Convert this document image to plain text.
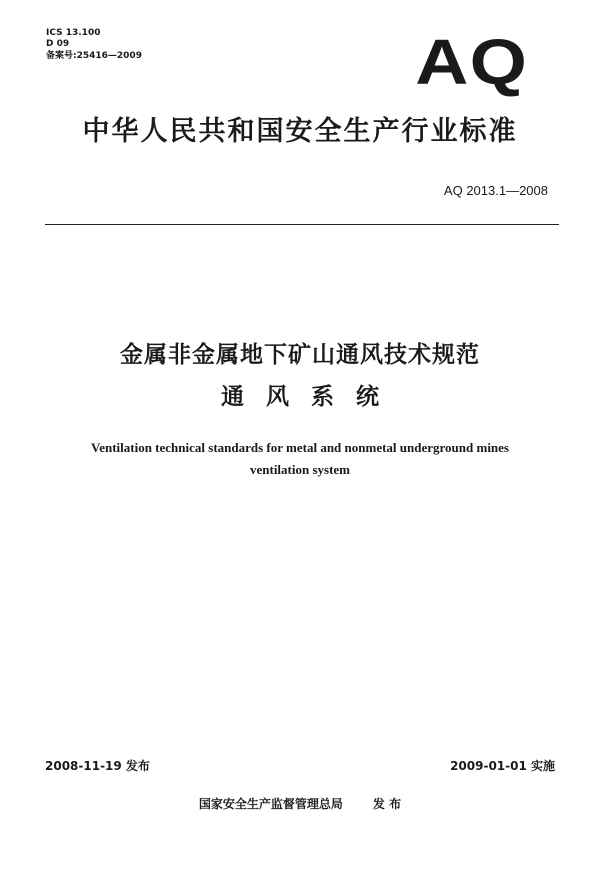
ICS 13.100
D 09
备案号:25416—2009	AQ
中华人民共和国安全生产行业标准
AQ 2013.1—2008
金属非金属地下矿山通风技术规范
通 风 系 统
Ventilation technical standards for metal and nonmetal underground mines
ventilation system
2008-11-19 发布	2009-01-01 实施
国家安全生产监督管理总局	发 布
